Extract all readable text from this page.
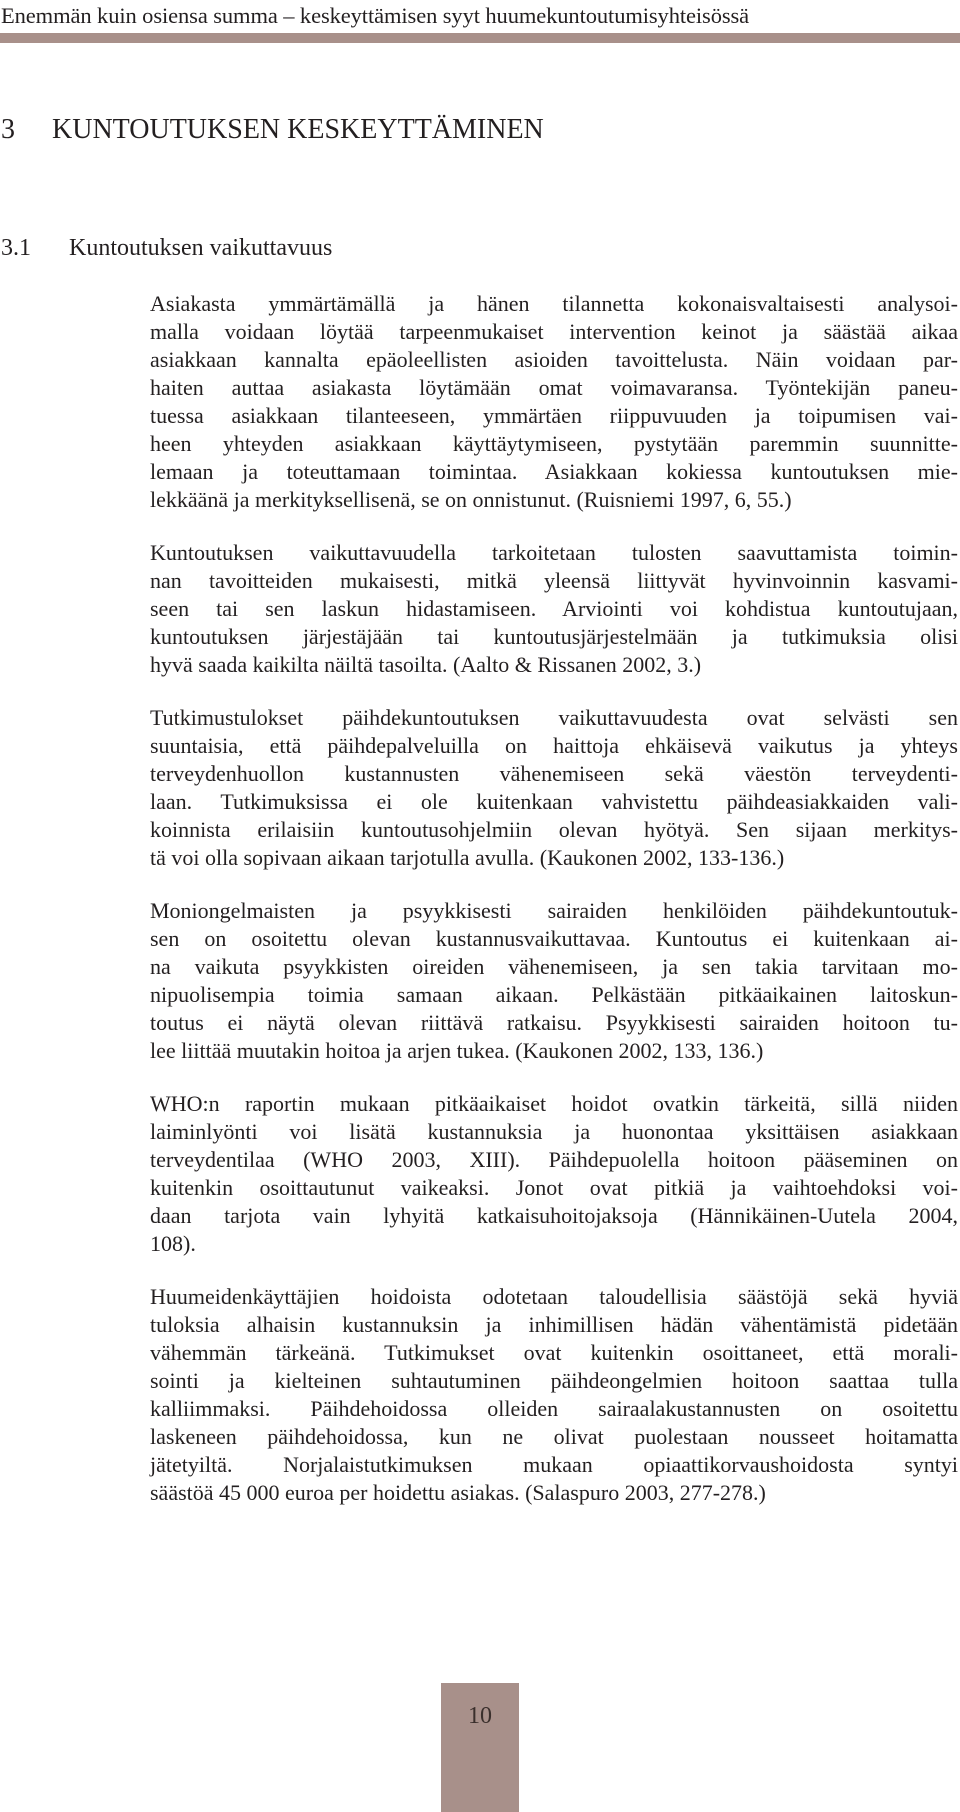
Enemmän kuin osiensa summa – keskeyttämisen syyt huumekuntoutumisyhteisössä
3 KUNTOUTUKSEN KESKEYTTÄMINEN
3.1 Kuntoutuksen vaikuttavuus

Asiakasta ymmärtämällä ja hänen tilannetta kokonaisvaltaisesti analysoi-
malla voidaan löytää tarpeenmukaiset intervention keinot ja säästää aikaa
asiakkaan kannalta epäoleellisten asioiden tavoittelusta. Näin voidaan par-
haiten auttaa asiakasta löytämään omat voimavaransa. Työntekijän paneu-
tuessa asiakkaan tilanteeseen, ymmärtäen riippuvuuden ja toipumisen vai-
heen yhteyden asiakkaan käyttäytymiseen, pystytään paremmin suunnitte-
lemaan ja toteuttamaan toimintaa. Asiakkaan kokiessa kuntoutuksen mie-
lekkäänä ja merkityksellisenä, se on onnistunut. (Ruisniemi 1997, 6, 55.)

Kuntoutuksen vaikuttavuudella tarkoitetaan tulosten saavuttamista toimin-
nan tavoitteiden mukaisesti, mitkä yleensä liittyvät hyvinvoinnin kasvami-
seen tai sen laskun hidastamiseen. Arviointi voi kohdistua kuntoutujaan,
kuntoutuksen järjestäjään tai kuntoutusjärjestelmään ja tutkimuksia olisi
hyvä saada kaikilta näiltä tasoilta. (Aalto & Rissanen 2002, 3.)

Tutkimustulokset päihdekuntoutuksen vaikuttavuudesta ovat selvästi sen
suuntaisia, että päihdepalveluilla on haittoja ehkäisevä vaikutus ja yhteys
terveydenhuollon kustannusten vähenemiseen sekä väestön terveydenti-
laan. Tutkimuksissa ei ole kuitenkaan vahvistettu päihdeasiakkaiden vali-
koinnista erilaisiin kuntoutusohjelmiin olevan hyötyä. Sen sijaan merkitys-
tä voi olla sopivaan aikaan tarjotulla avulla. (Kaukonen 2002, 133-136.)

Moniongelmaisten ja psyykkisesti sairaiden henkilöiden päihdekuntoutuk-
sen on osoitettu olevan kustannusvaikuttavaa. Kuntoutus ei kuitenkaan ai-
na vaikuta psyykkisten oireiden vähenemiseen, ja sen takia tarvitaan mo-
nipuolisempia toimia samaan aikaan. Pelkästään pitkäaikainen laitoskun-
toutus ei näytä olevan riittävä ratkaisu. Psyykkisesti sairaiden hoitoon tu-
lee liittää muutakin hoitoa ja arjen tukea. (Kaukonen 2002, 133, 136.)

WHO:n raportin mukaan pitkäaikaiset hoidot ovatkin tärkeitä, sillä niiden
laiminlyönti voi lisätä kustannuksia ja huonontaa yksittäisen asiakkaan
terveydentilaa (WHO 2003, XIII). Päihdepuolella hoitoon pääseminen on
kuitenkin osoittautunut vaikeaksi. Jonot ovat pitkiä ja vaihtoehdoksi voi-
daan tarjota vain lyhyitä katkaisuhoitojaksoja (Hännikäinen-Uutela 2004,
108).

Huumeidenkäyttäjien hoidoista odotetaan taloudellisia säästöjä sekä hyviä
tuloksia alhaisin kustannuksin ja inhimillisen hädän vähentämistä pidetään
vähemmän tärkeänä. Tutkimukset ovat kuitenkin osoittaneet, että morali-
sointi ja kielteinen suhtautuminen päihdeongelmien hoitoon saattaa tulla
kalliimmaksi. Päihdehoidossa olleiden sairaalakustannusten on osoitettu
laskeneen päihdehoidossa, kun ne olivat puolestaan nousseet hoitamatta
jätetyiltä. Norjalaistutkimuksen mukaan opiaattikorvaushoidosta syntyi
säästöä 45 000 euroa per hoidettu asiakas. (Salaspuro 2003, 277-278.)

10
